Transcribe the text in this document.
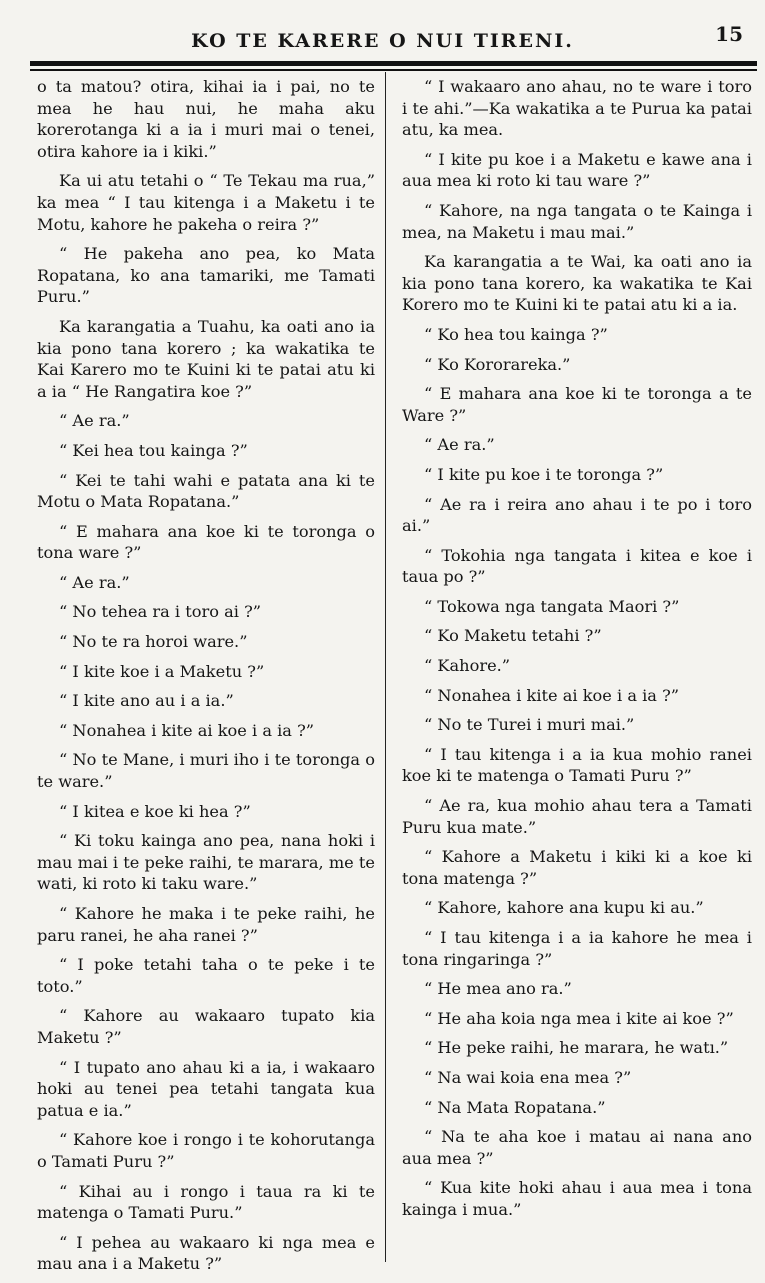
KO TE KARERE O NUI TIRENI.	15

o ta matou? otira, kihai ia i pai, no te mea he hau nui, he maha aku korerotanga ki a ia i muri mai o tenei, otira kahore ia i kiki.”

Ka ui atu tetahi o “ Te Tekau ma rua,” ka mea “ I tau kitenga i a Maketu i te Motu, kahore he pakeha o reira ?”

“ He pakeha ano pea, ko Mata Ropatana, ko ana tamariki, me Tamati Puru.”

Ka karangatia a Tuahu, ka oati ano ia kia pono tana korero ; ka wakatika te Kai Karero mo te Kuini ki te patai atu ki a ia “ He Rangatira koe ?”

“ Ae ra.”

“ Kei hea tou kainga ?”

“ Kei te tahi wahi e patata ana ki te Motu o Mata Ropatana.”

“ E mahara ana koe ki te toronga o tona ware ?”

“ Ae ra.”

“ No tehea ra i toro ai ?”

“ No te ra horoi ware.”

“ I kite koe i a Maketu ?”

“ I kite ano au i a ia.”

“ Nonahea i kite ai koe i a ia ?”

“ No te Mane, i muri iho i te toronga o te ware.”

“ I kitea e koe ki hea ?”

“ Ki toku kainga ano pea, nana hoki i mau mai i te peke raihi, te marara, me te wati, ki roto ki taku ware.”

“ Kahore he maka i te peke raihi, he paru ranei, he aha ranei ?”

“ I poke tetahi taha o te peke i te toto.”

“ Kahore au wakaaro tupato kia Maketu ?”

“ I tupato ano ahau ki a ia, i wakaaro hoki au tenei pea tetahi tangata kua patua e ia.”

“ Kahore koe i rongo i te kohorutanga o Tamati Puru ?”

“ Kihai au i rongo i taua ra ki te matenga o Tamati Puru.”

“ I pehea au wakaaro ki nga mea e mau ana i a Maketu ?”

“ I wakaaro ano ahau, no te ware i toro i te ahi.”—Ka wakatika a te Purua ka patai atu, ka mea.

“ I kite pu koe i a Maketu e kawe ana i aua mea ki roto ki tau ware ?”

“ Kahore, na nga tangata o te Kainga i mea, na Maketu i mau mai.”

Ka karangatia a te Wai, ka oati ano ia kia pono tana korero, ka wakatika te Kai Korero mo te Kuini ki te patai atu ki a ia.

“ Ko hea tou kainga ?”

“ Ko Kororareka.”

“ E mahara ana koe ki te toronga a te Ware ?”

“ Ae ra.”

“ I kite pu koe i te toronga ?”

“ Ae ra i reira ano ahau i te po i toro ai.”

“ Tokohia nga tangata i kitea e koe i taua po ?”

“ Tokowa nga tangata Maori ?”

“ Ko Maketu tetahi ?”

“ Kahore.”

“ Nonahea i kite ai koe i a ia ?”

“ No te Turei i muri mai.”

“ I tau kitenga i a ia kua mohio ranei koe ki te matenga o Tamati Puru ?”

“ Ae ra, kua mohio ahau tera a Tamati Puru kua mate.”

“ Kahore a Maketu i kiki ki a koe ki tona matenga ?”

“ Kahore, kahore ana kupu ki au.”

“ I tau kitenga i a ia kahore he mea i tona ringaringa ?”

“ He mea ano ra.”

“ He aha koia nga mea i kite ai koe ?”

“ He peke raihi, he marara, he watı.”

“ Na wai koia ena mea ?”

“ Na Mata Ropatana.”

“ Na te aha koe i matau ai nana ano aua mea ?”

“ Kua kite hoki ahau i aua mea i tona kainga i mua.”
